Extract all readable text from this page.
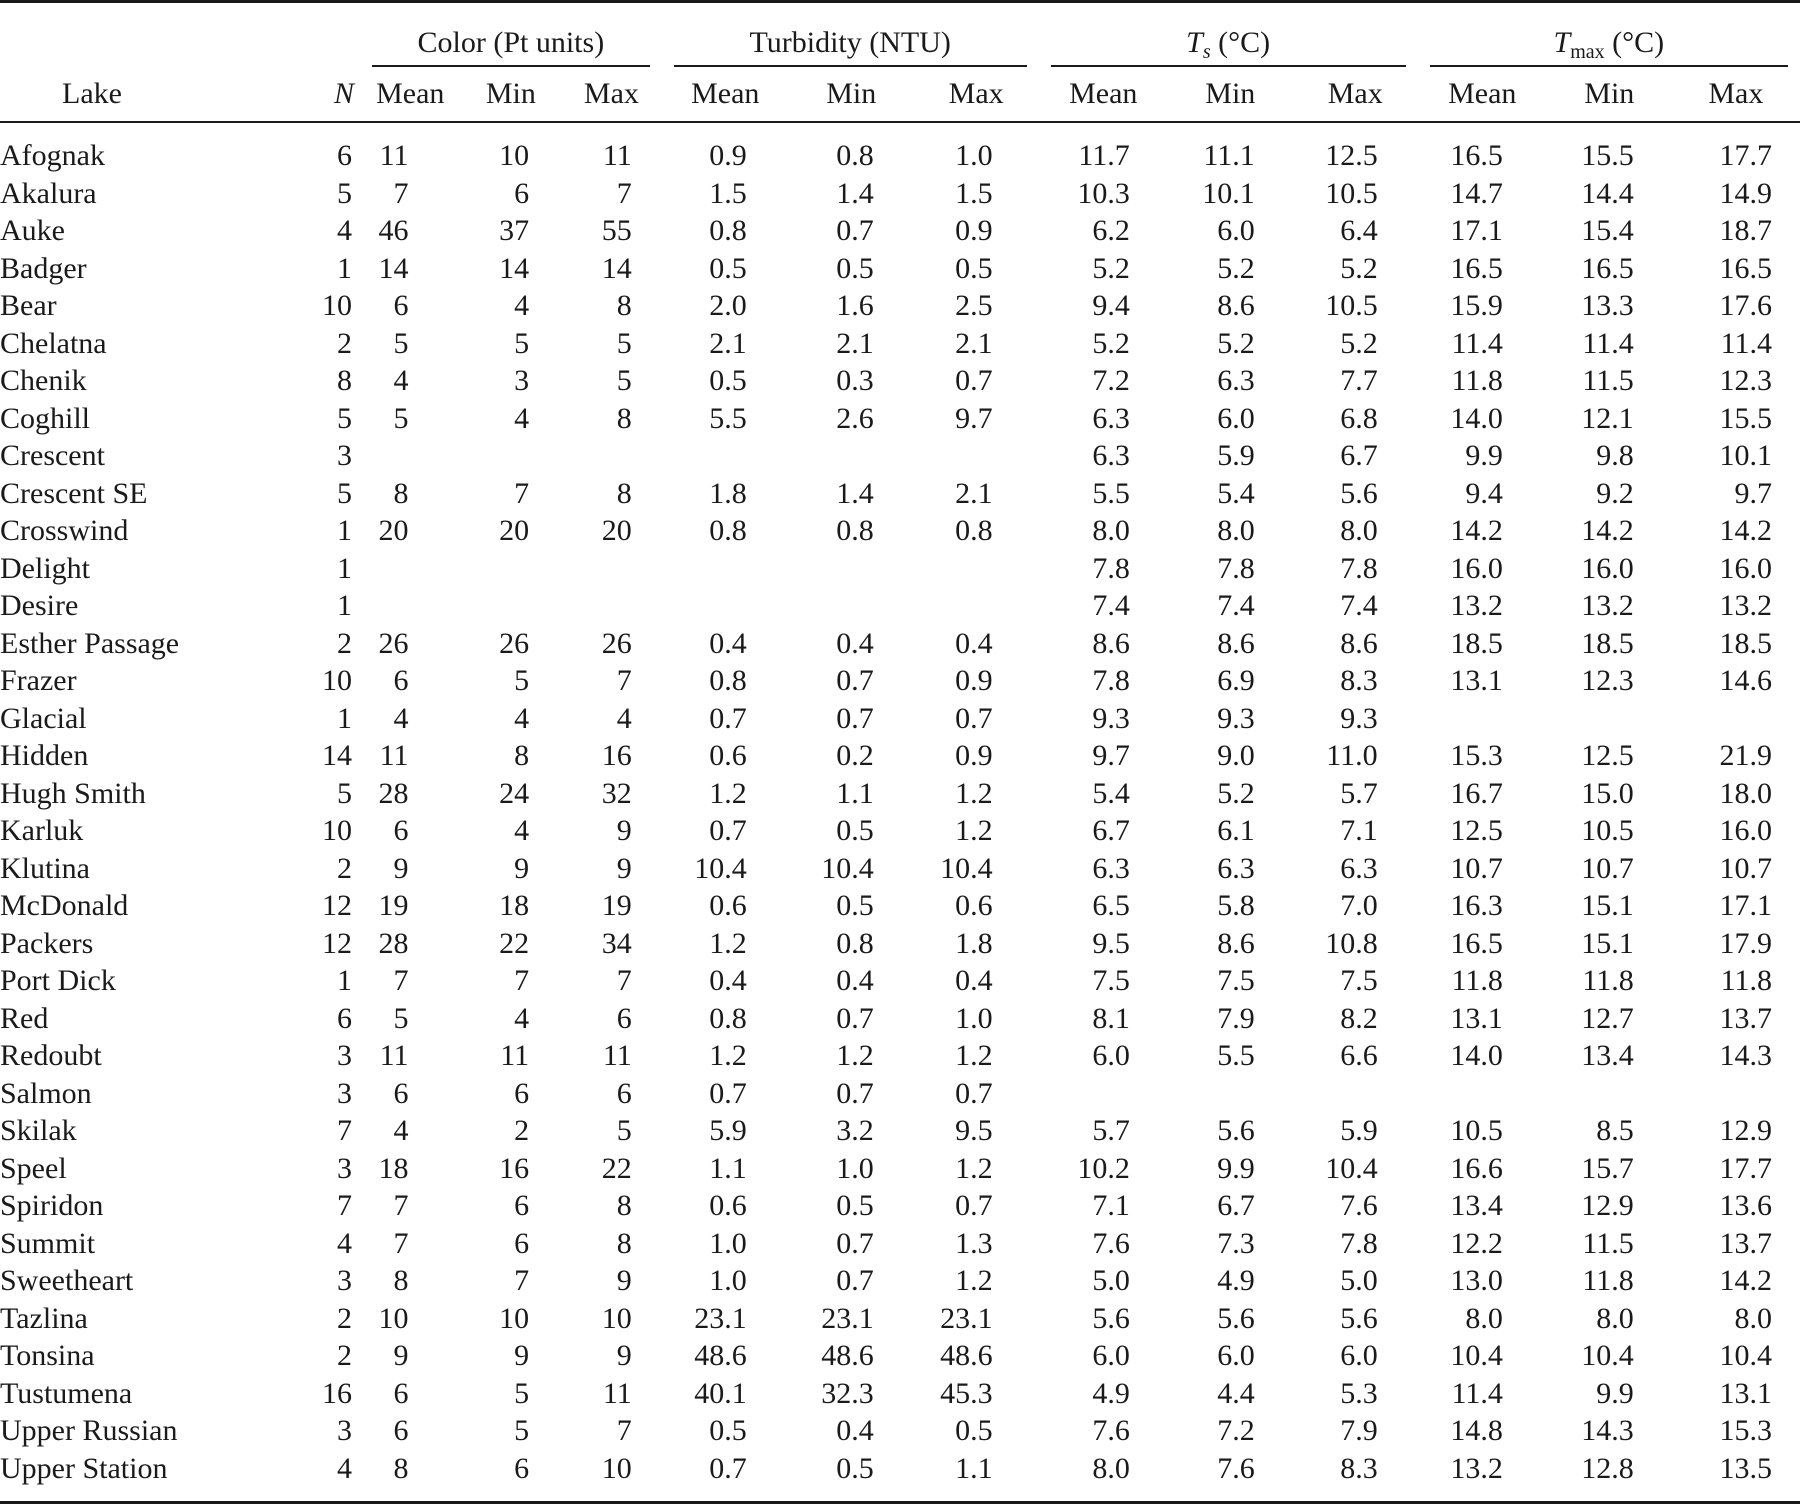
		Color (Pt units)			Turbidity (NTU)			$T_s$ (°C)			$T_{max}$ (°C)		
Lake	N	Mean	Min	Max	Mean	Min	Max	Mean	Min	Max	Mean	Min	Max

Afognak	6	11	10	11	0.9	0.8	1.0	11.7	11.1	12.5	16.5	15.5	17.7
Akalura	5	7	6	7	1.5	1.4	1.5	10.3	10.1	10.5	14.7	14.4	14.9
Auke	4	46	37	55	0.8	0.7	0.9	6.2	6.0	6.4	17.1	15.4	18.7
Badger	1	14	14	14	0.5	0.5	0.5	5.2	5.2	5.2	16.5	16.5	16.5
Bear	10	6	4	8	2.0	1.6	2.5	9.4	8.6	10.5	15.9	13.3	17.6
Chelatna	2	5	5	5	2.1	2.1	2.1	5.2	5.2	5.2	11.4	11.4	11.4
Chenik	8	4	3	5	0.5	0.3	0.7	7.2	6.3	7.7	11.8	11.5	12.3
Coghill	5	5	4	8	5.5	2.6	9.7	6.3	6.0	6.8	14.0	12.1	15.5
Crescent	3							6.3	5.9	6.7	9.9	9.8	10.1
Crescent SE	5	8	7	8	1.8	1.4	2.1	5.5	5.4	5.6	9.4	9.2	9.7
Crosswind	1	20	20	20	0.8	0.8	0.8	8.0	8.0	8.0	14.2	14.2	14.2
Delight	1							7.8	7.8	7.8	16.0	16.0	16.0
Desire	1							7.4	7.4	7.4	13.2	13.2	13.2
Esther Passage	2	26	26	26	0.4	0.4	0.4	8.6	8.6	8.6	18.5	18.5	18.5
Frazer	10	6	5	7	0.8	0.7	0.9	7.8	6.9	8.3	13.1	12.3	14.6
Glacial	1	4	4	4	0.7	0.7	0.7	9.3	9.3	9.3			
Hidden	14	11	8	16	0.6	0.2	0.9	9.7	9.0	11.0	15.3	12.5	21.9
Hugh Smith	5	28	24	32	1.2	1.1	1.2	5.4	5.2	5.7	16.7	15.0	18.0
Karluk	10	6	4	9	0.7	0.5	1.2	6.7	6.1	7.1	12.5	10.5	16.0
Klutina	2	9	9	9	10.4	10.4	10.4	6.3	6.3	6.3	10.7	10.7	10.7
McDonald	12	19	18	19	0.6	0.5	0.6	6.5	5.8	7.0	16.3	15.1	17.1
Packers	12	28	22	34	1.2	0.8	1.8	9.5	8.6	10.8	16.5	15.1	17.9
Port Dick	1	7	7	7	0.4	0.4	0.4	7.5	7.5	7.5	11.8	11.8	11.8
Red	6	5	4	6	0.8	0.7	1.0	8.1	7.9	8.2	13.1	12.7	13.7
Redoubt	3	11	11	11	1.2	1.2	1.2	6.0	5.5	6.6	14.0	13.4	14.3
Salmon	3	6	6	6	0.7	0.7	0.7						
Skilak	7	4	2	5	5.9	3.2	9.5	5.7	5.6	5.9	10.5	8.5	12.9
Speel	3	18	16	22	1.1	1.0	1.2	10.2	9.9	10.4	16.6	15.7	17.7
Spiridon	7	7	6	8	0.6	0.5	0.7	7.1	6.7	7.6	13.4	12.9	13.6
Summit	4	7	6	8	1.0	0.7	1.3	7.6	7.3	7.8	12.2	11.5	13.7
Sweetheart	3	8	7	9	1.0	0.7	1.2	5.0	4.9	5.0	13.0	11.8	14.2
Tazlina	2	10	10	10	23.1	23.1	23.1	5.6	5.6	5.6	8.0	8.0	8.0
Tonsina	2	9	9	9	48.6	48.6	48.6	6.0	6.0	6.0	10.4	10.4	10.4
Tustumena	16	6	5	11	40.1	32.3	45.3	4.9	4.4	5.3	11.4	9.9	13.1
Upper Russian	3	6	5	7	0.5	0.4	0.5	7.6	7.2	7.9	14.8	14.3	15.3
Upper Station	4	8	6	10	0.7	0.5	1.1	8.0	7.6	8.3	13.2	12.8	13.5
